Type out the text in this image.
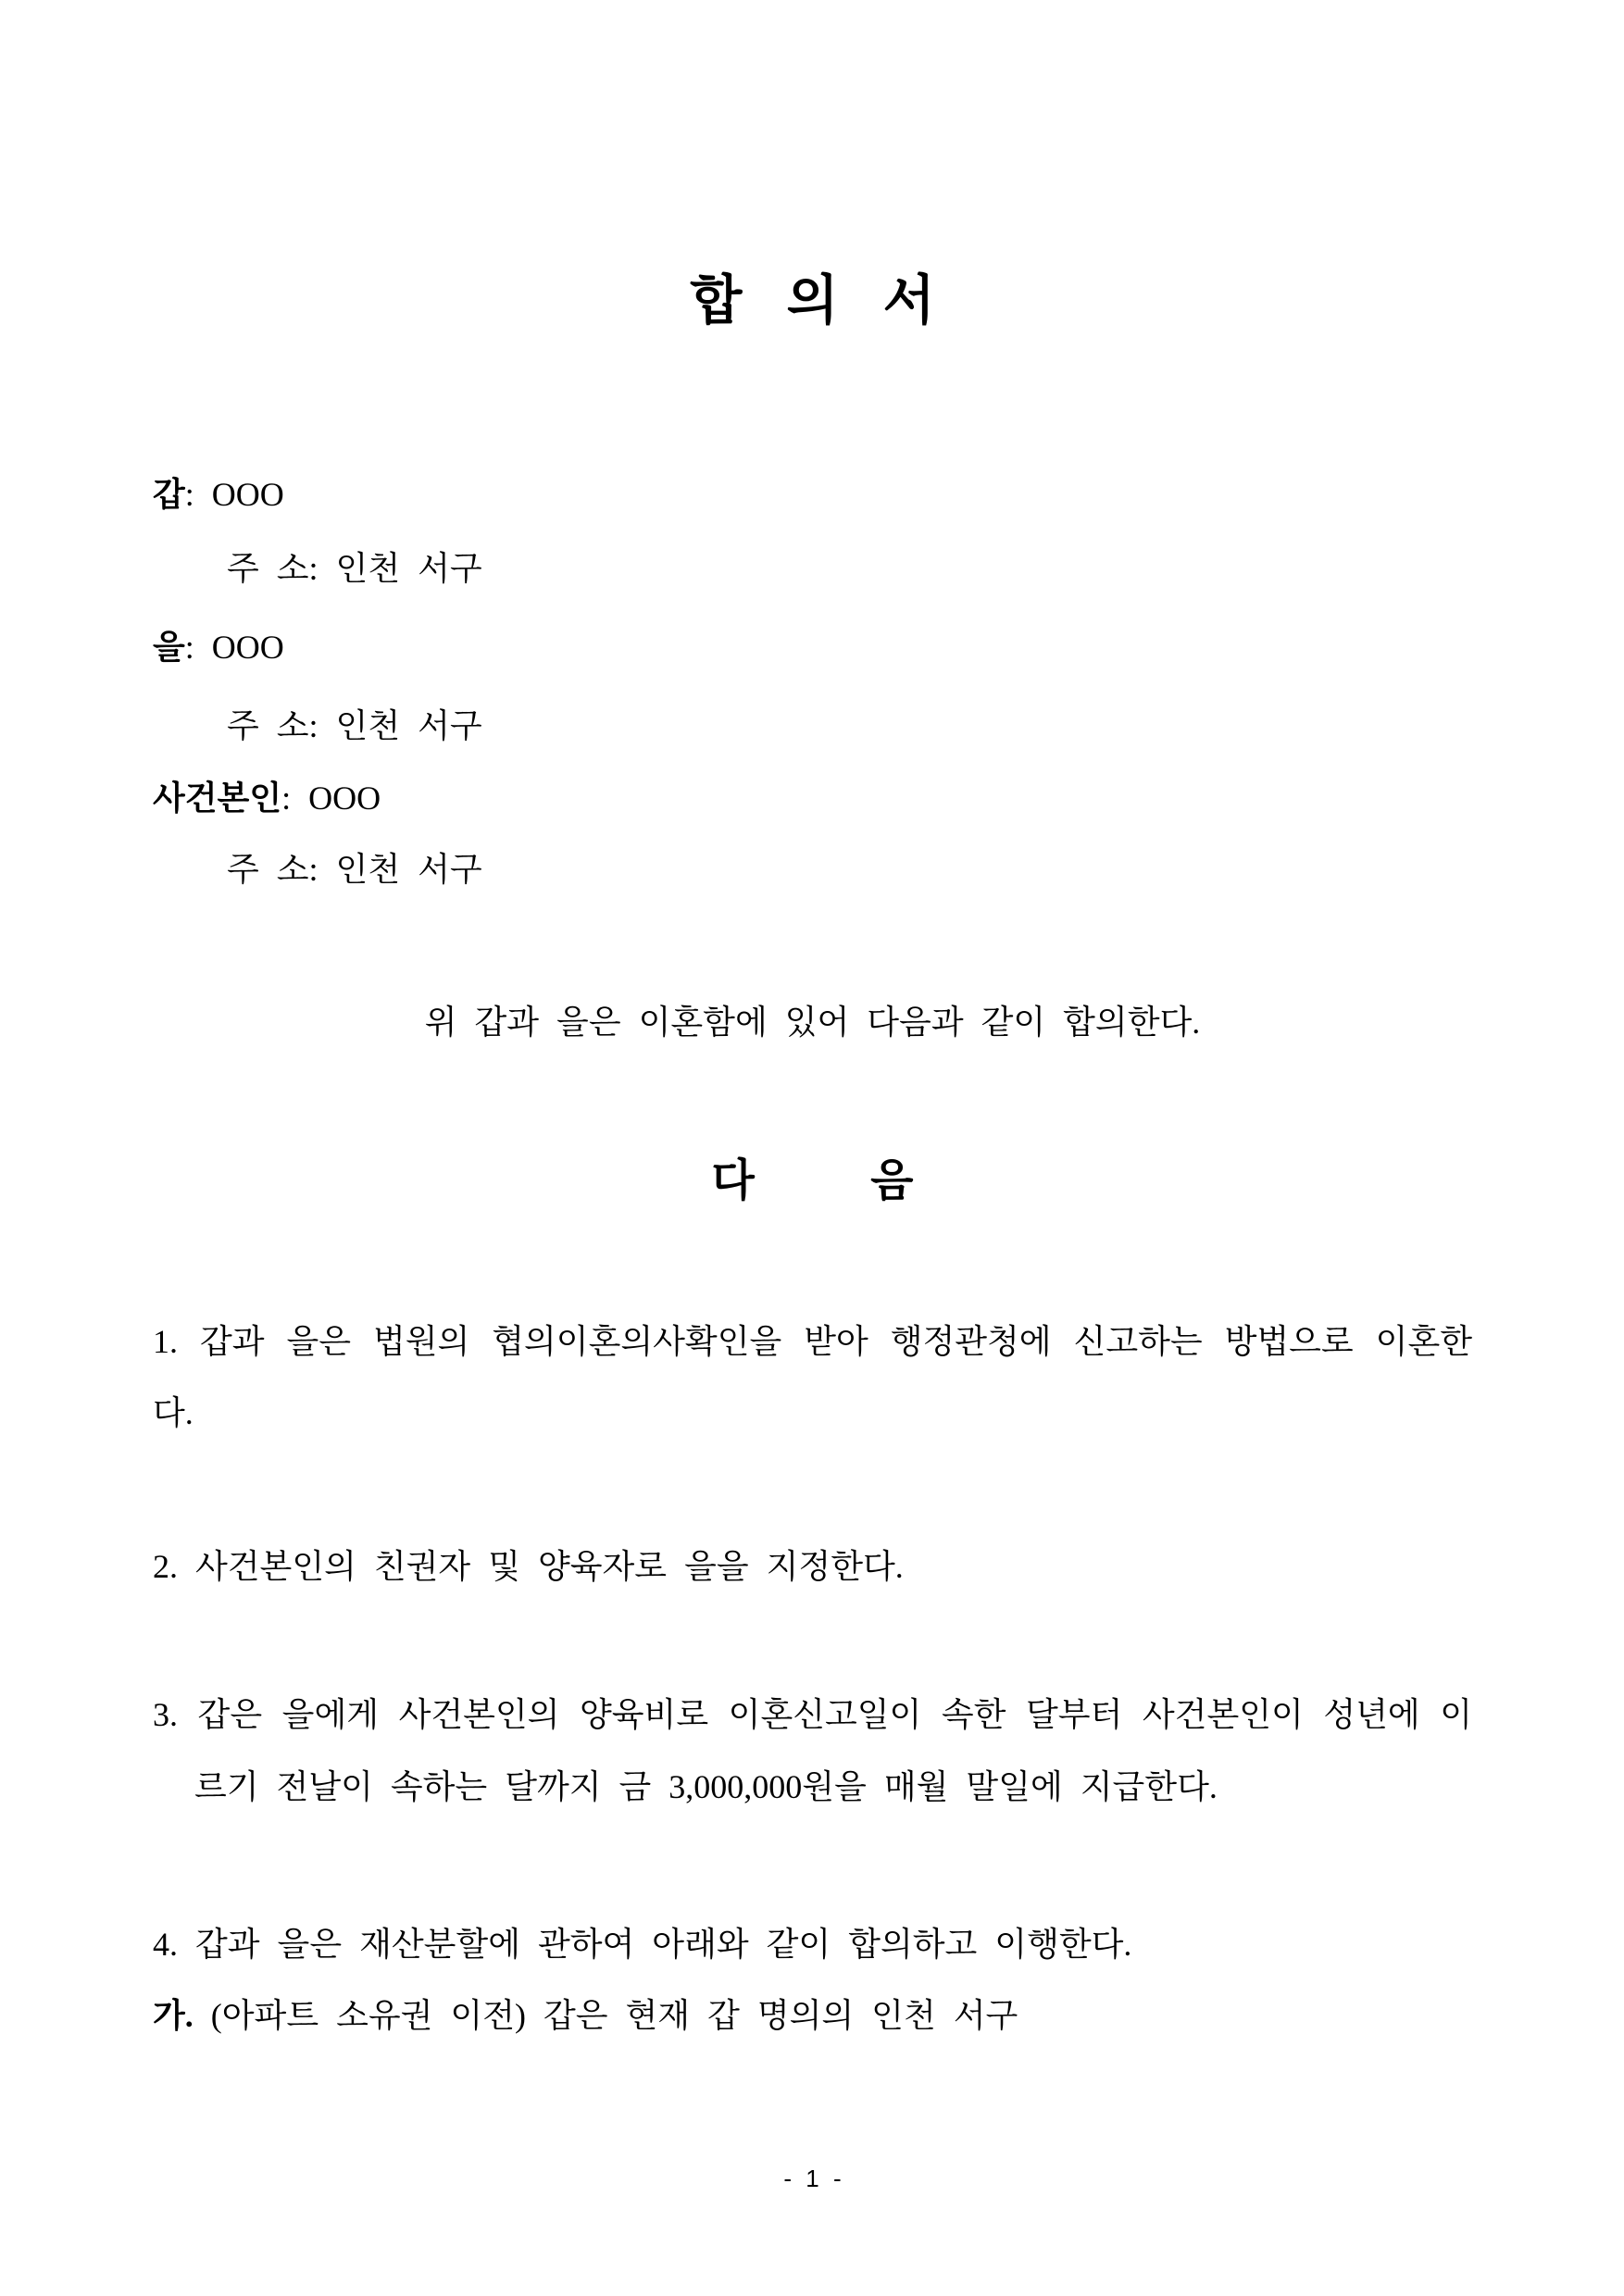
합 의 서
갑: OOO
주 소: 인천 서구
을: OOO
주 소: 인천 서구
사건본인: OOO
주 소: 인천 서구
위 갑과 을은 이혼함에 있어 다음과 같이 합의한다.
다 음
1. 갑과 을은 법원의 협의이혼의사확인을 받아 행정관청에 신고하는 방법으로 이혼한
다.
2. 사건본인의 친권자 및 양육자로 을을 지정한다.
3. 갑은 을에게 사건본인의 양육비로 이혼신고일이 속한 달부터 사건본인이 성년에 이
르기 전날이 속하는 달까지 금 3,000,000원을 매월 말일에 지급한다.
4. 갑과 을은 재산분할에 관하여 아래와 같이 합의하고 이행한다.
가. (아파트 소유권 이전) 갑은 현재 갑 명의의 인천 서구
- 1 -
